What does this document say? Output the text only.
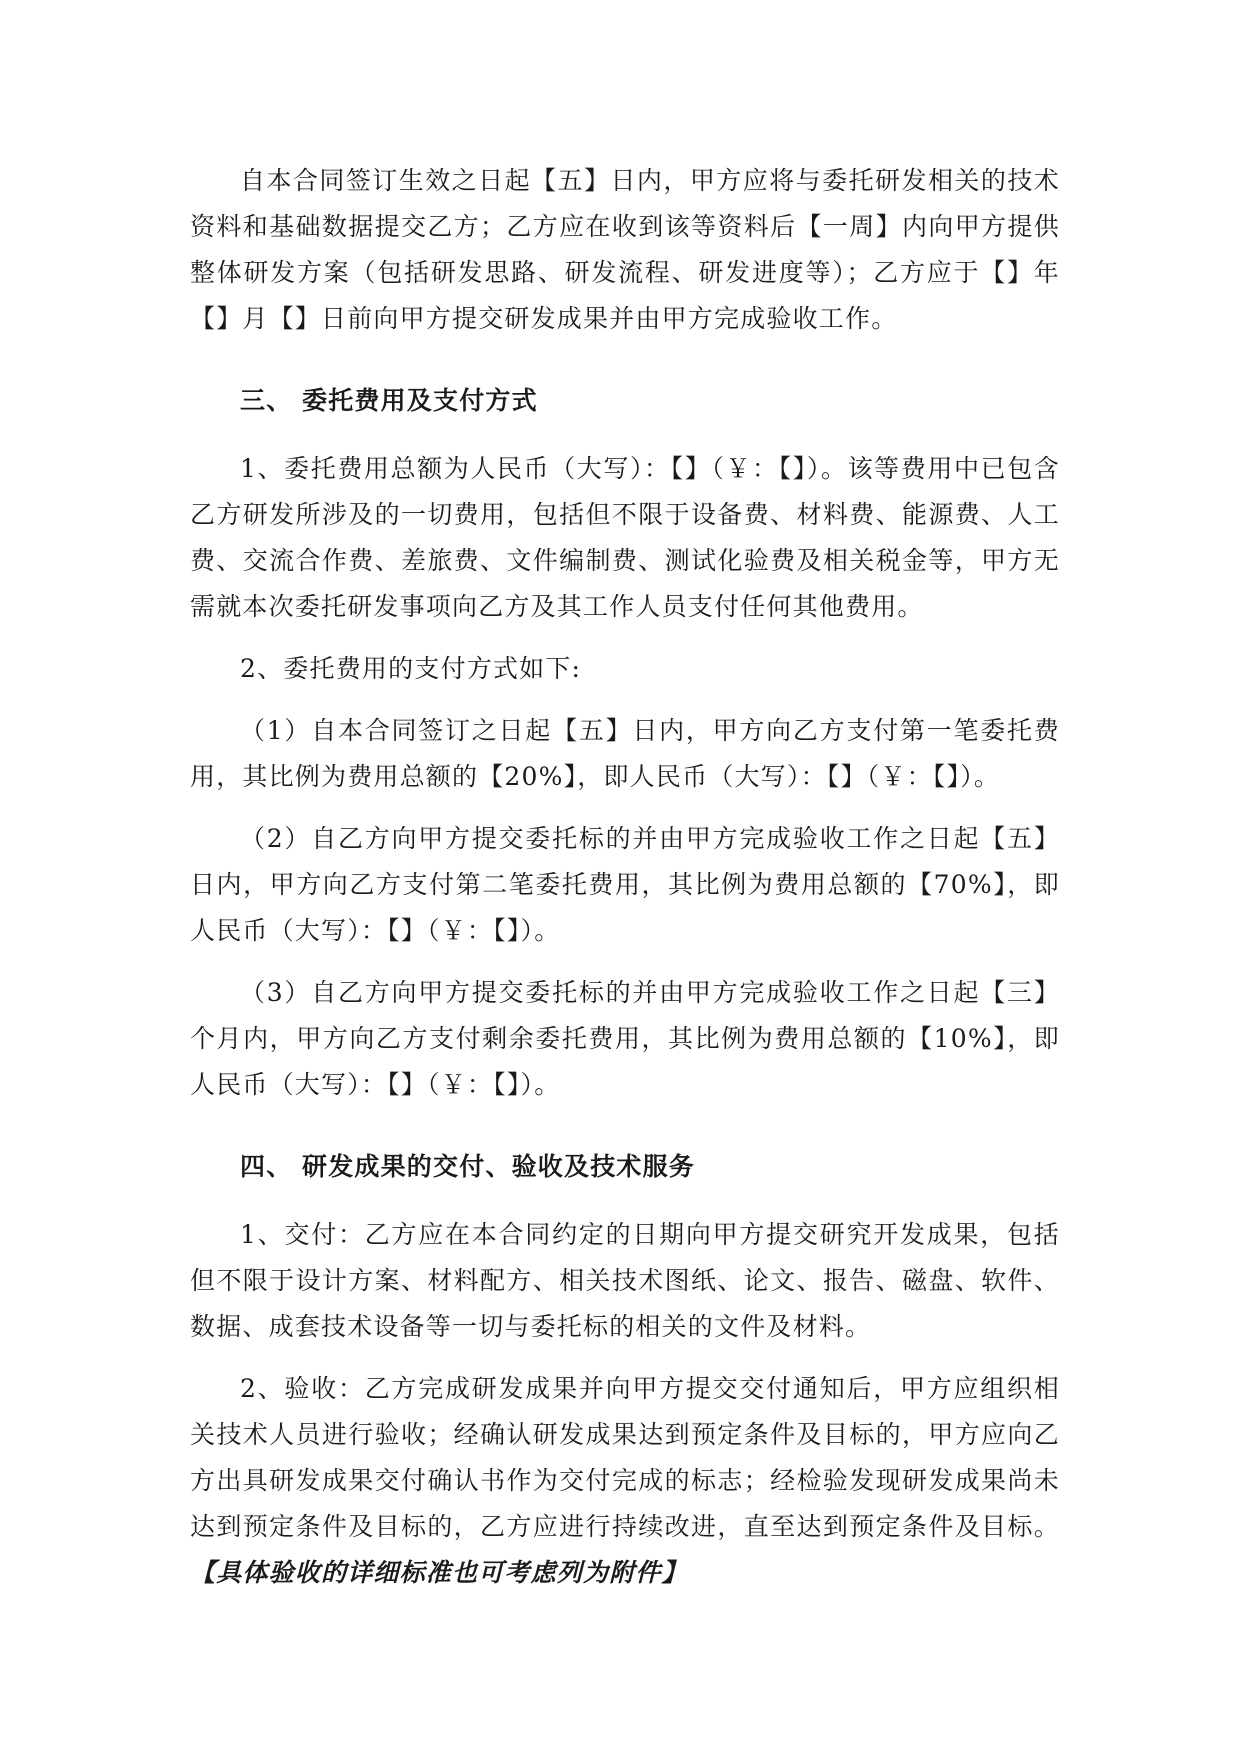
自本合同签订生效之日起【五】日内，甲方应将与委托研发相关的技术资料和基础数据提交乙方；乙方应在收到该等资料后【一周】内向甲方提供整体研发方案（包括研发思路、研发流程、研发进度等）；乙方应于【】年【】月【】日前向甲方提交研发成果并由甲方完成验收工作。

三、 委托费用及支付方式

1、委托费用总额为人民币（大写）：【】（￥：【】）。该等费用中已包含乙方研发所涉及的一切费用，包括但不限于设备费、材料费、能源费、人工费、交流合作费、差旅费、文件编制费、测试化验费及相关税金等，甲方无需就本次委托研发事项向乙方及其工作人员支付任何其他费用。

2、委托费用的支付方式如下:

（1）自本合同签订之日起【五】日内，甲方向乙方支付第一笔委托费用，其比例为费用总额的【20%】，即人民币（大写）：【】（￥：【】）。

（2）自乙方向甲方提交委托标的并由甲方完成验收工作之日起【五】日内，甲方向乙方支付第二笔委托费用，其比例为费用总额的【70%】，即人民币（大写）：【】（￥：【】）。

（3）自乙方向甲方提交委托标的并由甲方完成验收工作之日起【三】个月内，甲方向乙方支付剩余委托费用，其比例为费用总额的【10%】，即人民币（大写）：【】（￥：【】）。

四、 研发成果的交付、验收及技术服务

1、交付：乙方应在本合同约定的日期向甲方提交研究开发成果，包括但不限于设计方案、材料配方、相关技术图纸、论文、报告、磁盘、软件、数据、成套技术设备等一切与委托标的相关的文件及材料。

2、验收：乙方完成研发成果并向甲方提交交付通知后，甲方应组织相关技术人员进行验收；经确认研发成果达到预定条件及目标的，甲方应向乙方出具研发成果交付确认书作为交付完成的标志；经检验发现研发成果尚未达到预定条件及目标的，乙方应进行持续改进，直至达到预定条件及目标。【具体验收的详细标准也可考虑列为附件】
